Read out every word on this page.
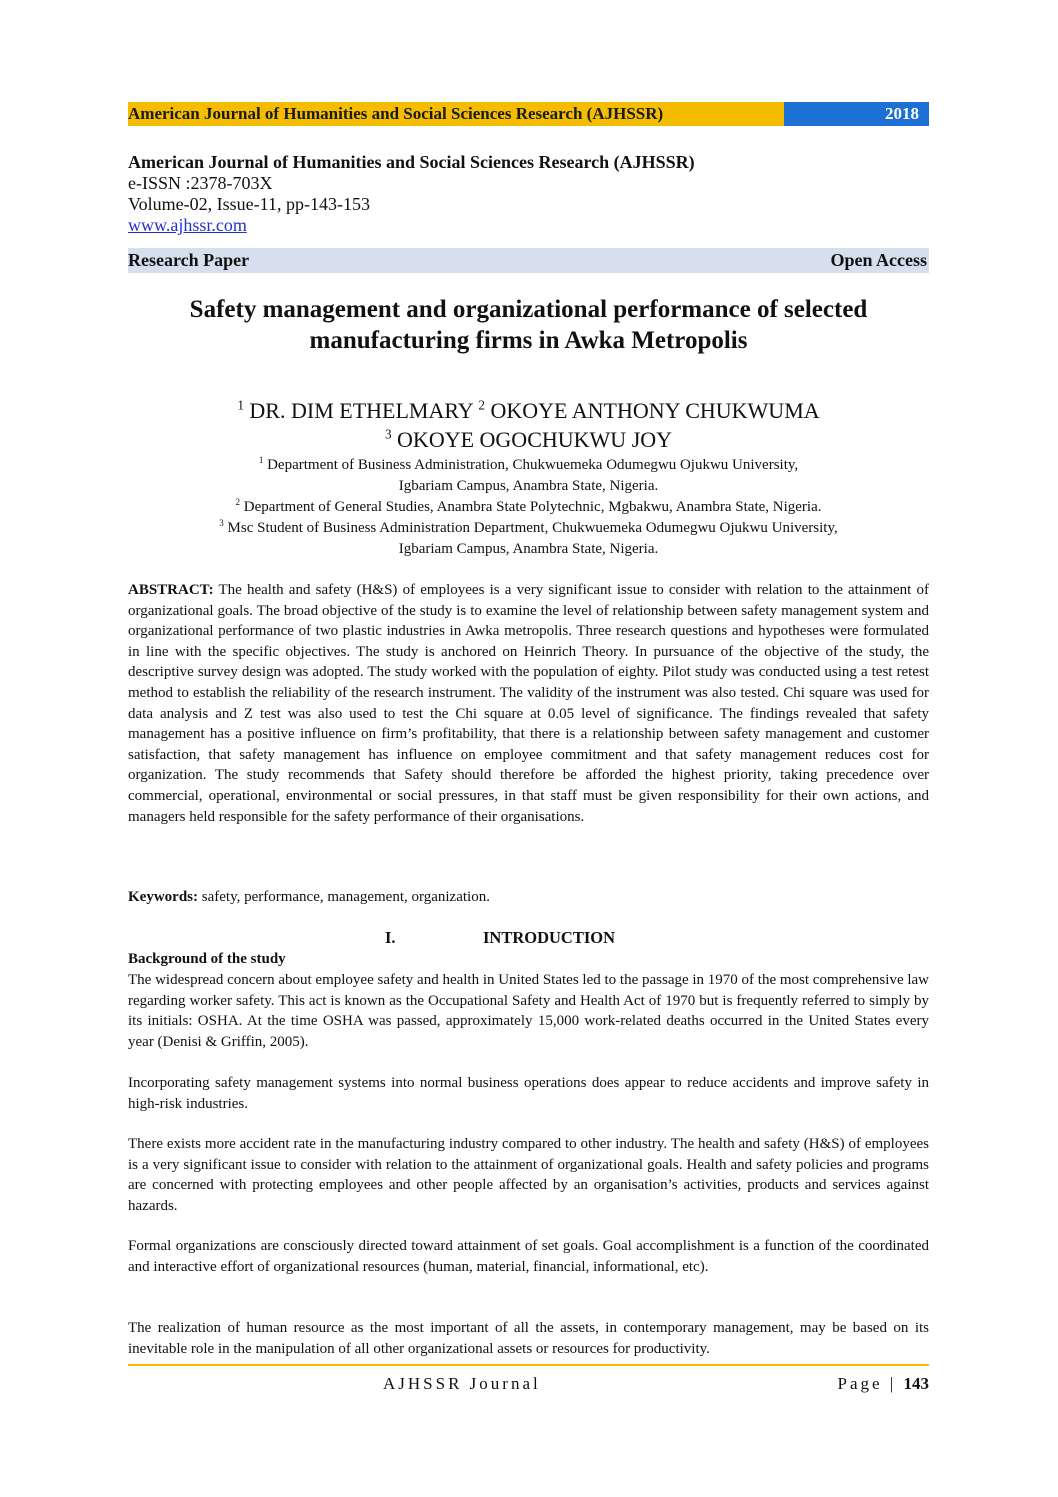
American Journal of Humanities and Social Sciences Research (AJHSSR)	2018
American Journal of Humanities and Social Sciences Research (AJHSSR)
e-ISSN :2378-703X
Volume-02, Issue-11, pp-143-153
www.ajhssr.com
Research Paper	Open Access
Safety management and organizational performance of selected
manufacturing firms in Awka Metropolis
$^1$ DR. DIM ETHELMARY $^2$ OKOYE ANTHONY CHUKWUMA
$^3$ OKOYE OGOCHUKWU JOY
$^1$ Department of Business Administration, Chukwuemeka Odumegwu Ojukwu University,
Igbariam Campus, Anambra State, Nigeria.
$^2$ Department of General Studies, Anambra State Polytechnic, Mgbakwu, Anambra State, Nigeria.
$^3$ Msc Student of Business Administration Department, Chukwuemeka Odumegwu Ojukwu University,
Igbariam Campus, Anambra State, Nigeria.

ABSTRACT: The health and safety (H&S) of employees is a very significant issue to consider with relation to the attainment of organizational goals. The broad objective of the study is to examine the level of relationship between safety management system and organizational performance of two plastic industries in Awka metropolis. Three research questions and hypotheses were formulated in line with the specific objectives. The study is anchored on Heinrich Theory. In pursuance of the objective of the study, the descriptive survey design was adopted. The study worked with the population of eighty. Pilot study was conducted using a test retest method to establish the reliability of the research instrument. The validity of the instrument was also tested. Chi square was used for data analysis and Z test was also used to test the Chi square at 0.05 level of significance. The findings revealed that safety management has a positive influence on firm’s profitability, that there is a relationship between safety management and customer satisfaction, that safety management has influence on employee commitment and that safety management reduces cost for organization. The study recommends that Safety should therefore be afforded the highest priority, taking precedence over commercial, operational, environmental or social pressures, in that staff must be given responsibility for their own actions, and managers held responsible for the safety performance of their organisations.

Keywords: safety, performance, management, organization.

I.	INTRODUCTION
Background of the study

The widespread concern about employee safety and health in United States led to the passage in 1970 of the most comprehensive law regarding worker safety. This act is known as the Occupational Safety and Health Act of 1970 but is frequently referred to simply by its initials: OSHA. At the time OSHA was passed, approximately 15,000 work-related deaths occurred in the United States every year (Denisi & Griffin, 2005).

Incorporating safety management systems into normal business operations does appear to reduce accidents and improve safety in high-risk industries.

There exists more accident rate in the manufacturing industry compared to other industry. The health and safety (H&S) of employees is a very significant issue to consider with relation to the attainment of organizational goals. Health and safety policies and programs are concerned with protecting employees and other people affected by an organisation’s activities, products and services against hazards.

Formal organizations are consciously directed toward attainment of set goals. Goal accomplishment is a function of the coordinated and interactive effort of organizational resources (human, material, financial, informational, etc).

The realization of human resource as the most important of all the assets, in contemporary management, may be based on its inevitable role in the manipulation of all other organizational assets or resources for productivity.

AJHSSR Journal	Page | 143
